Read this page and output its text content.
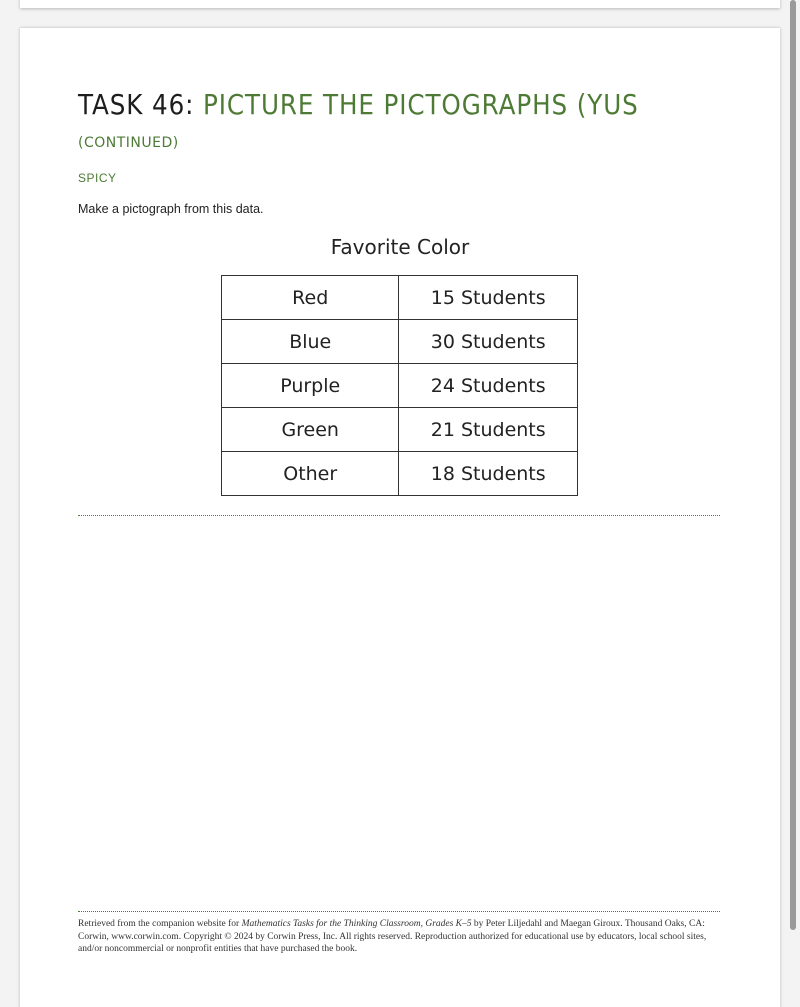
TASK 46: PICTURE THE PICTOGRAPHS (YUS
(CONTINUED)
SPICY
Make a pictograph from this data.
Favorite Color
Red	15 Students
Blue	30 Students
Purple	24 Students
Green	21 Students
Other	18 Students
Retrieved from the companion website for Mathematics Tasks for the Thinking Classroom, Grades K–5 by Peter Liljedahl and Maegan Giroux. Thousand Oaks, CA: Corwin, www.corwin.com. Copyright © 2024 by Corwin Press, Inc. All rights reserved. Reproduction authorized for educational use by educators, local school sites, and/or noncommercial or nonprofit entities that have purchased the book.
